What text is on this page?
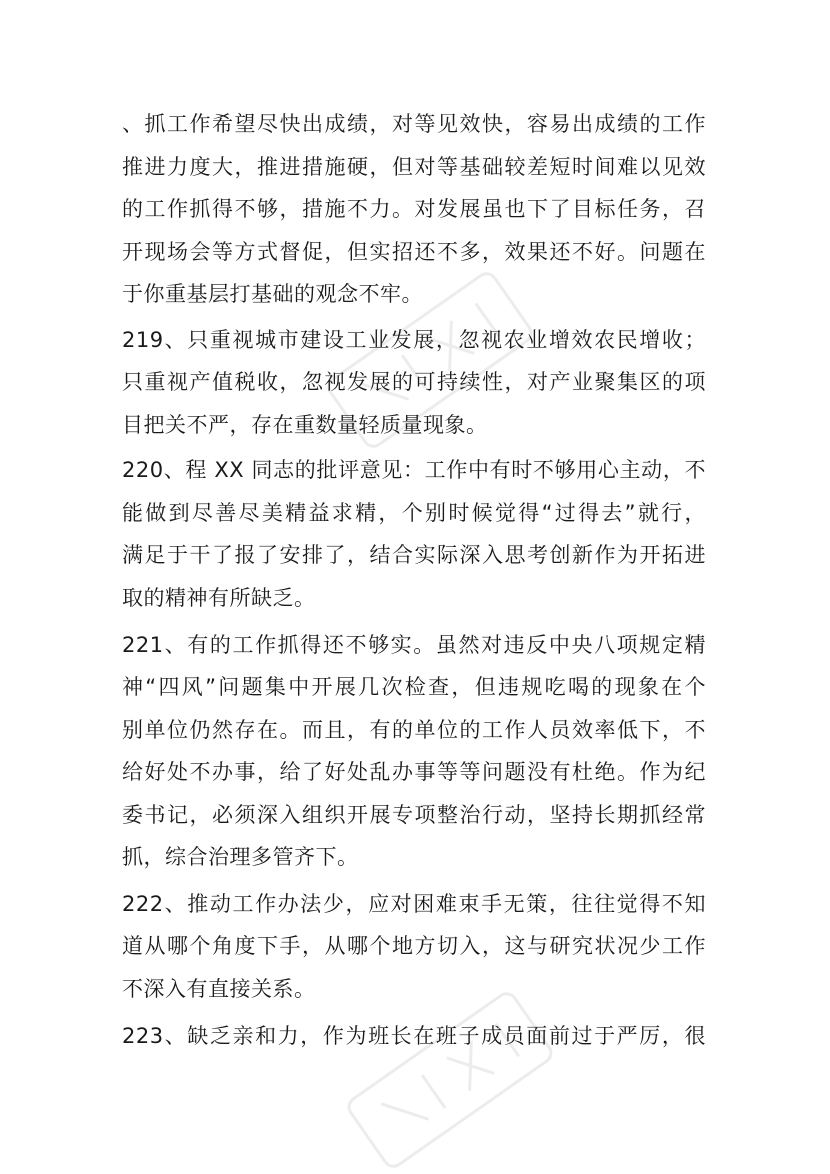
、抓工作希望尽快出成绩，对等见效快，容易出成绩的工作
推进力度大，推进措施硬，但对等基础较差短时间难以见效
的工作抓得不够，措施不力。对发展虽也下了目标任务，召
开现场会等方式督促，但实招还不多，效果还不好。问题在
于你重基层打基础的观念不牢。
219、只重视城市建设工业发展，忽视农业增效农民增收；
只重视产值税收，忽视发展的可持续性，对产业聚集区的项
目把关不严，存在重数量轻质量现象。
220、程 XX 同志的批评意见：工作中有时不够用心主动，不
能做到尽善尽美精益求精，个别时候觉得“过得去”就行，
满足于干了报了安排了，结合实际深入思考创新作为开拓进
取的精神有所缺乏。
221、有的工作抓得还不够实。虽然对违反中央八项规定精
神“四风”问题集中开展几次检查，但违规吃喝的现象在个
别单位仍然存在。而且，有的单位的工作人员效率低下，不
给好处不办事，给了好处乱办事等等问题没有杜绝。作为纪
委书记，必须深入组织开展专项整治行动，坚持长期抓经常
抓，综合治理多管齐下。
222、推动工作办法少，应对困难束手无策，往往觉得不知
道从哪个角度下手，从哪个地方切入，这与研究状况少工作
不深入有直接关系。
223、缺乏亲和力，作为班长在班子成员面前过于严厉，很
